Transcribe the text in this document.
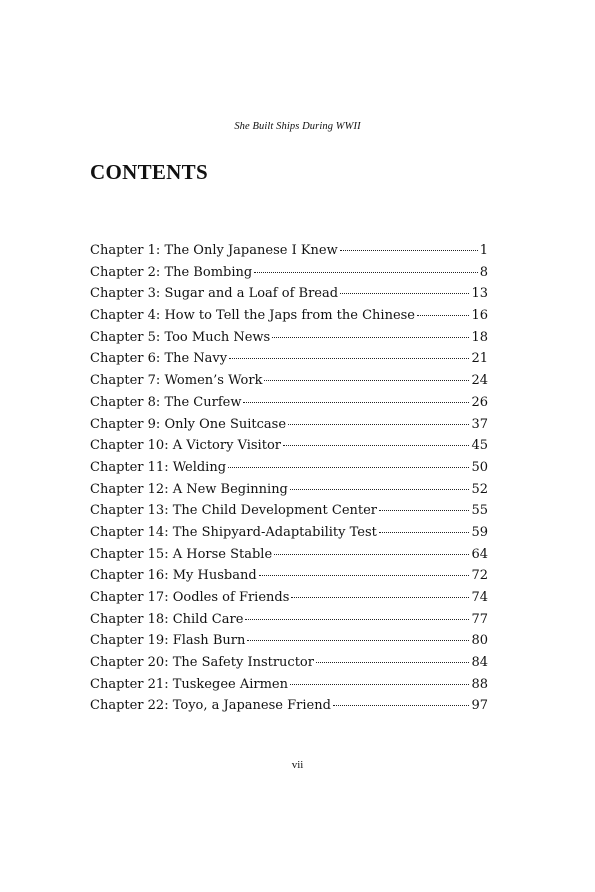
She Built Ships During WWII
CONTENTS
Chapter 1: The Only Japanese I Knew	1
Chapter 2: The Bombing	8
Chapter 3: Sugar and a Loaf of Bread	13
Chapter 4: How to Tell the Japs from the Chinese	16
Chapter 5: Too Much News	18
Chapter 6: The Navy	21
Chapter 7: Women’s Work	24
Chapter 8: The Curfew	26
Chapter 9: Only One Suitcase	37
Chapter 10: A Victory Visitor	45
Chapter 11: Welding	50
Chapter 12: A New Beginning	52
Chapter 13: The Child Development Center	55
Chapter 14: The Shipyard-Adaptability Test	59
Chapter 15: A Horse Stable	64
Chapter 16: My Husband	72
Chapter 17: Oodles of Friends	74
Chapter 18: Child Care	77
Chapter 19: Flash Burn	80
Chapter 20: The Safety Instructor	84
Chapter 21: Tuskegee Airmen	88
Chapter 22: Toyo, a Japanese Friend	97
vii
